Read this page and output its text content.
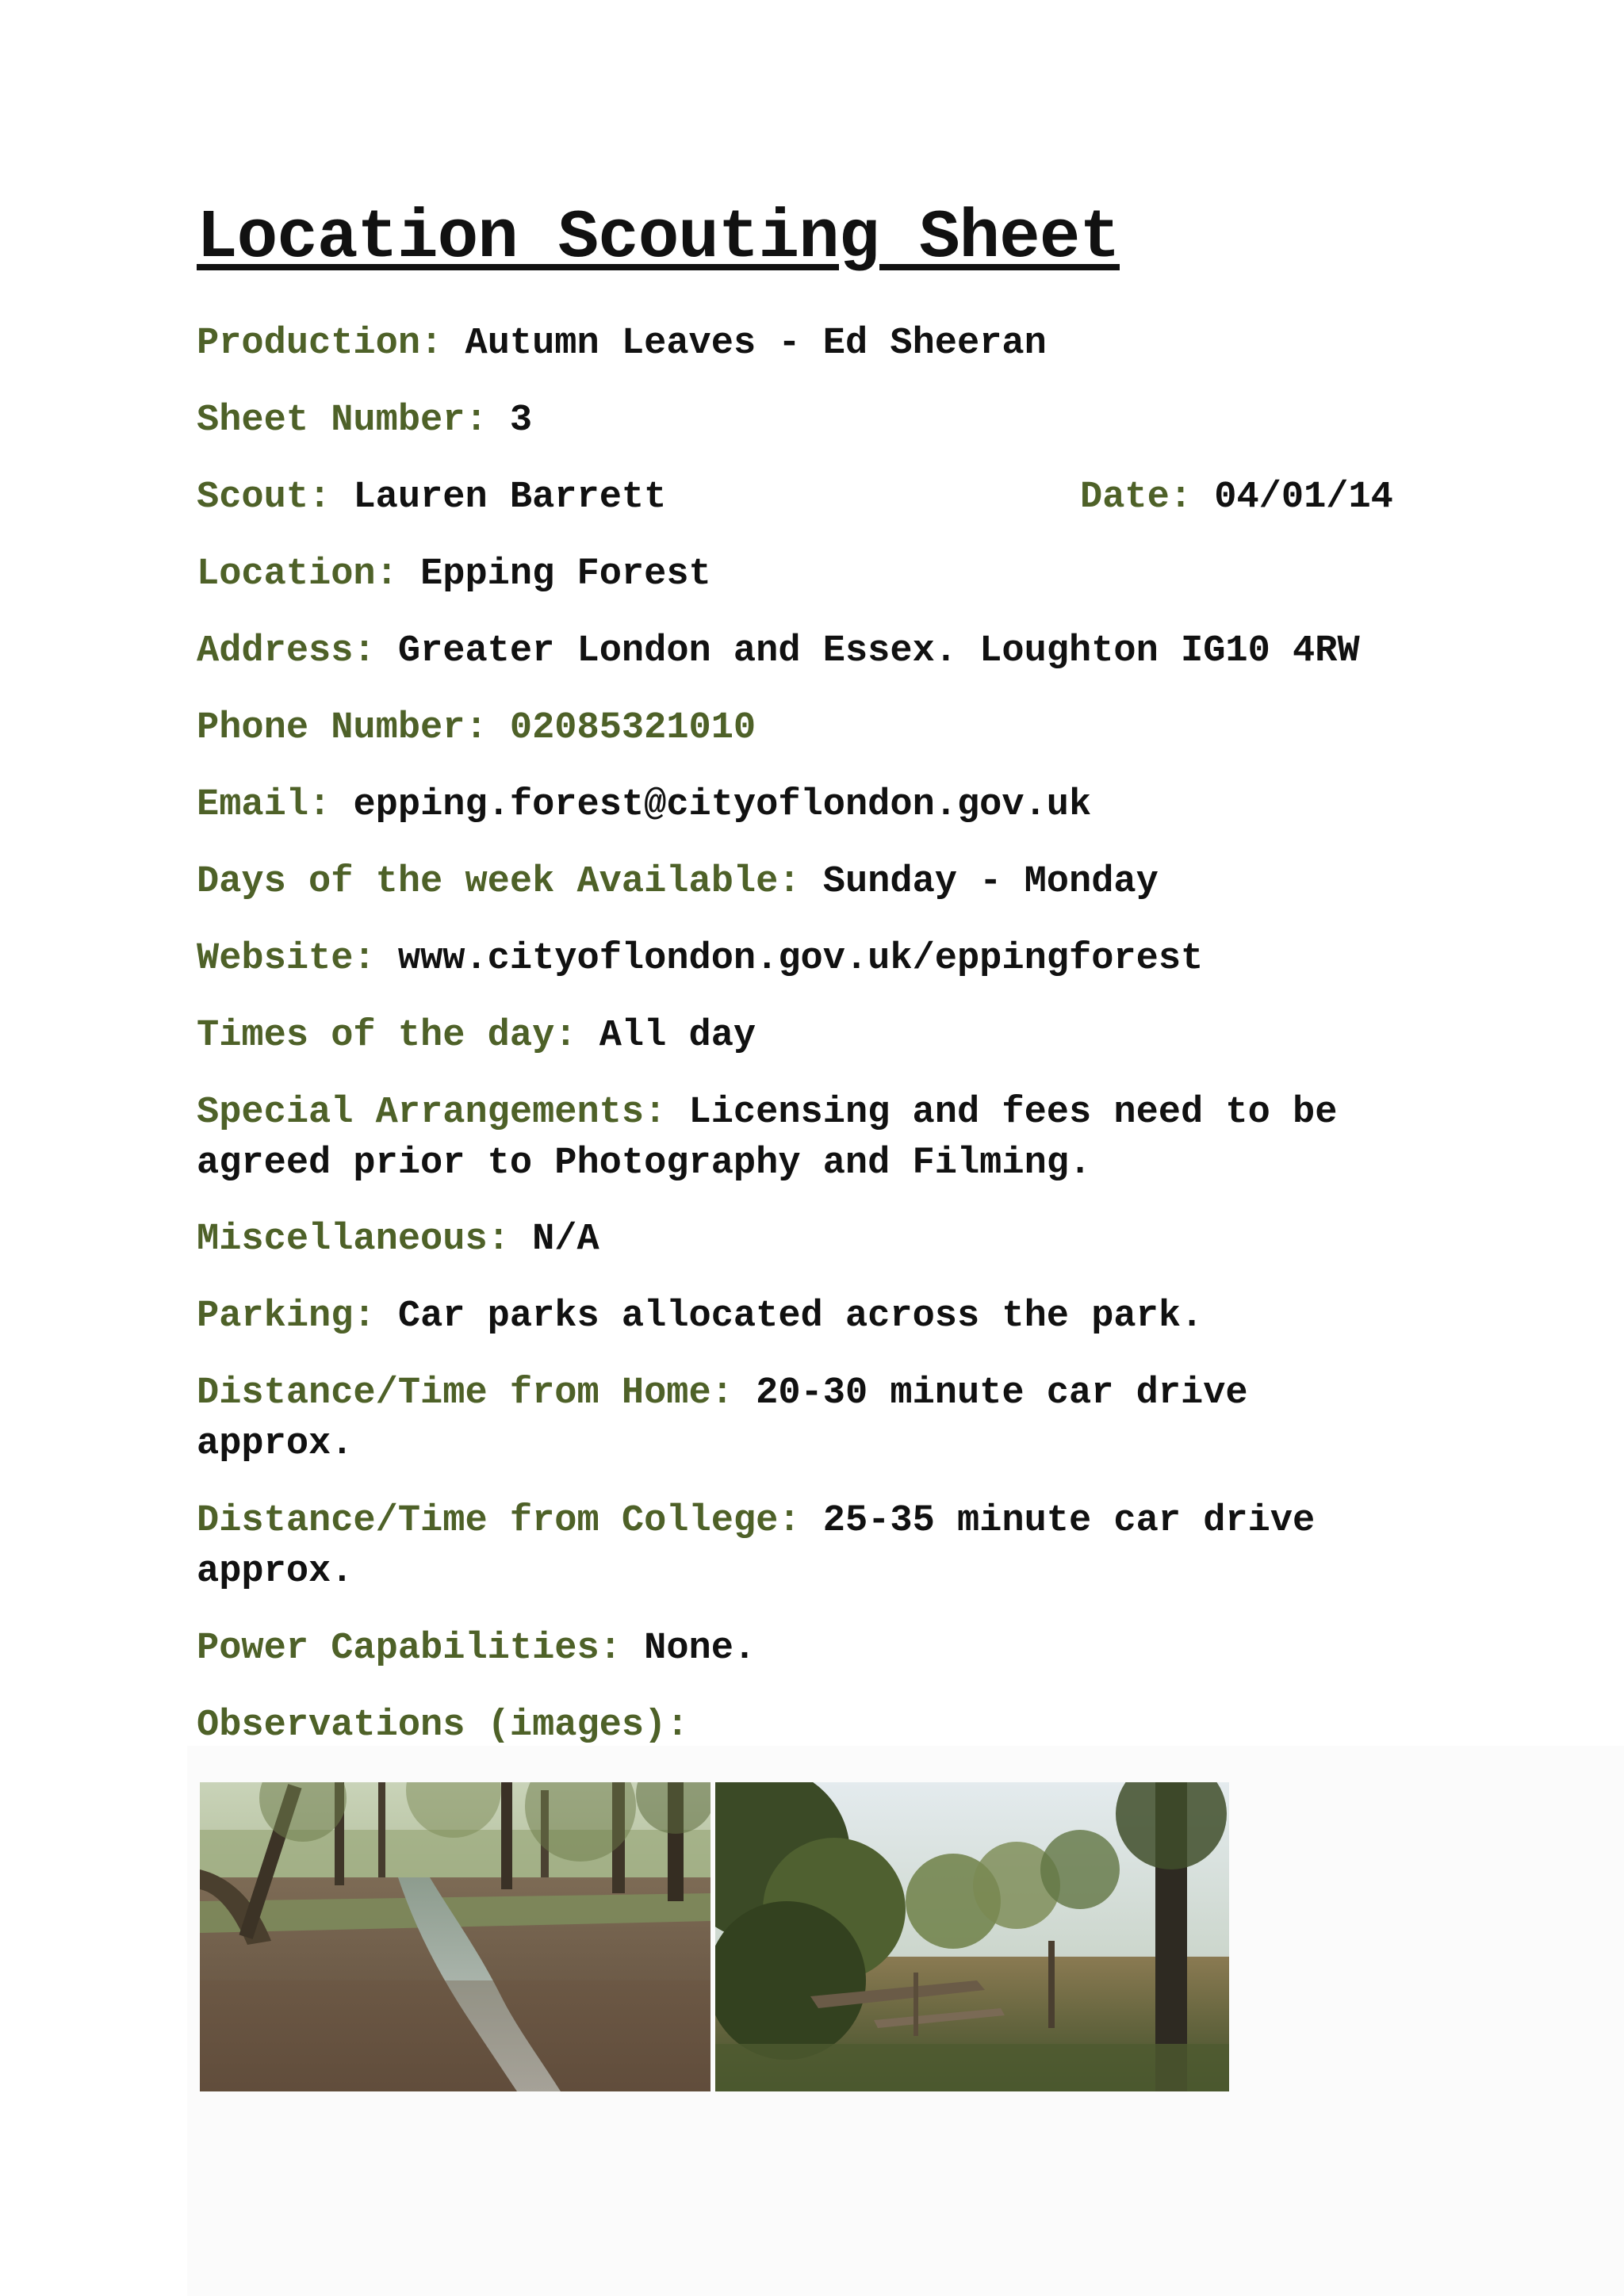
Location Scouting Sheet
Production: Autumn Leaves - Ed Sheeran
Sheet Number: 3
Scout: Lauren Barrett	Date: 04/01/14
Location: Epping Forest
Address: Greater London and Essex. Loughton IG10 4RW
Phone Number: 02085321010
Email: epping.forest@cityoflondon.gov.uk
Days of the week Available: Sunday - Monday
Website: www.cityoflondon.gov.uk/eppingforest
Times of the day: All day
Special Arrangements: Licensing and fees need to be agreed prior to Photography and Filming.
Miscellaneous: N/A
Parking: Car parks allocated across the park.
Distance/Time from Home: 20-30 minute car drive approx.
Distance/Time from College: 25-35 minute car drive approx.
Power Capabilities: None.
Observations (images):
